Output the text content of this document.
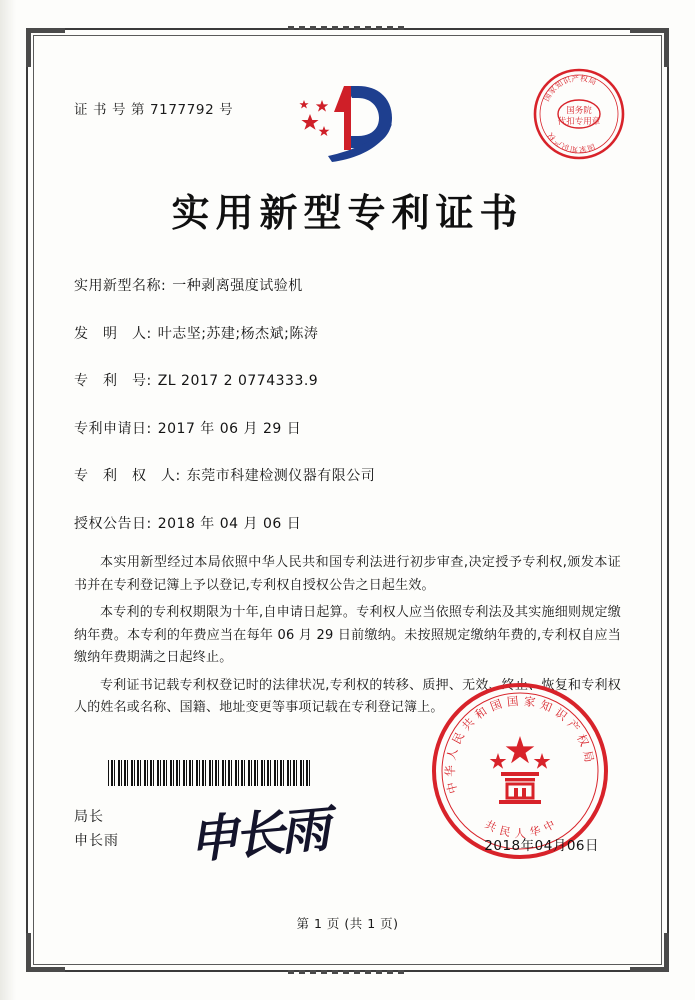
证 书 号 第 7177792 号	国务院
代扣专用章
国
家
知
识 产 权
局
国
家
知
识
产
权
实用新型专利证书
实用新型名称: 一种剥离强度试验机
发　明　人: 叶志坚;苏建;杨杰斌;陈涛
专　利　号: ZL 2017 2 0774333.9
专利申请日: 2017 年 06 月 29 日
专　利　权　人: 东莞市科建检测仪器有限公司
授权公告日: 2018 年 04 月 06 日

本实用新型经过本局依照中华人民共和国专利法进行初步审查,决定授予专利权,颁发本证书并在专利登记簿上予以登记,专利权自授权公告之日起生效。

本专利的专利权期限为十年,自申请日起算。专利权人应当依照专利法及其实施细则规定缴纳年费。本专利的年费应当在每年 06 月 29 日前缴纳。未按照规定缴纳年费的,专利权自应当缴纳年费期满之日起终止。

专利证书记载专利权登记时的法律状况,专利权的转移、质押、无效、终止、恢复和专利权人的姓名或名称、国籍、地址变更等事项记载在专利登记簿上。

局长
申长雨 申长雨
中
华
人
民
共
和
国 国 家 知
识
产
权
局
中
华
人
民
共
2018年04月06日
第 1 页 (共 1 页)
